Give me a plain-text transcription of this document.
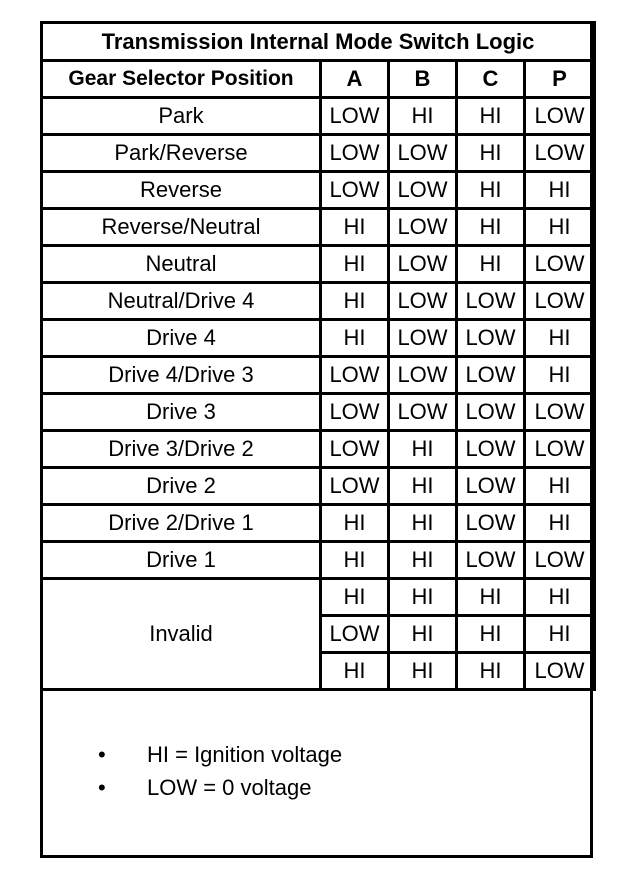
Transmission Internal Mode Switch Logic				
Gear Selector Position	A	B	C	P
Park	LOW	HI	HI	LOW
Park/Reverse	LOW	LOW	HI	LOW
Reverse	LOW	LOW	HI	HI
Reverse/Neutral	HI	LOW	HI	HI
Neutral	HI	LOW	HI	LOW
Neutral/Drive 4	HI	LOW	LOW	LOW
Drive 4	HI	LOW	LOW	HI
Drive 4/Drive 3	LOW	LOW	LOW	HI
Drive 3	LOW	LOW	LOW	LOW
Drive 3/Drive 2	LOW	HI	LOW	LOW
Drive 2	LOW	HI	LOW	HI
Drive 2/Drive 1	HI	HI	LOW	HI
Drive 1	HI	HI	LOW	LOW
Invalid	HI	HI	HI	HI
	LOW	HI	HI	HI
	HI	HI	HI	LOW
• HI = Ignition voltage
• LOW = 0 voltage
